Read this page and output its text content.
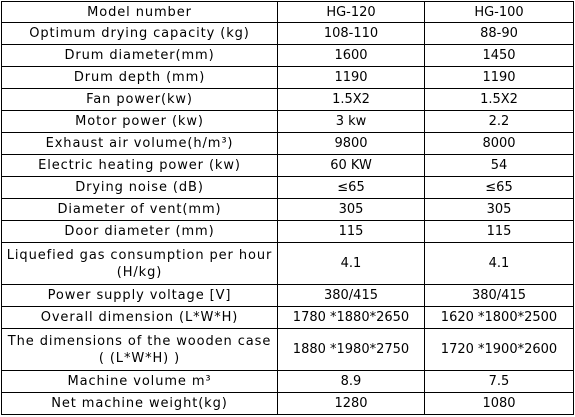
Model number	HG-120	HG-100
Optimum drying capacity (kg)	108-110	88-90
Drum diameter(mm)	1600	1450
Drum depth (mm)	1190	1190
Fan power(kw)	1.5X2	1.5X2
Motor power (kw)	3 kw	2.2
Exhaust air volume(h/m³)	9800	8000
Electric heating power (kw)	60 KW	54
Drying noise (dB)	≤65	≤65
Diameter of vent(mm)	305	305
Door diameter (mm)	115	115
Liquefied gas consumption per hour (H/kg)	4.1	4.1
Power supply voltage [V]	380/415	380/415
Overall dimension (L*W*H)	1780 *1880*2650	1620 *1800*2500
The dimensions of the wooden case ( (L*W*H) )	1880 *1980*2750	1720 *1900*2600
Machine volume m³	8.9	7.5
Net machine weight(kg)	1280	1080
